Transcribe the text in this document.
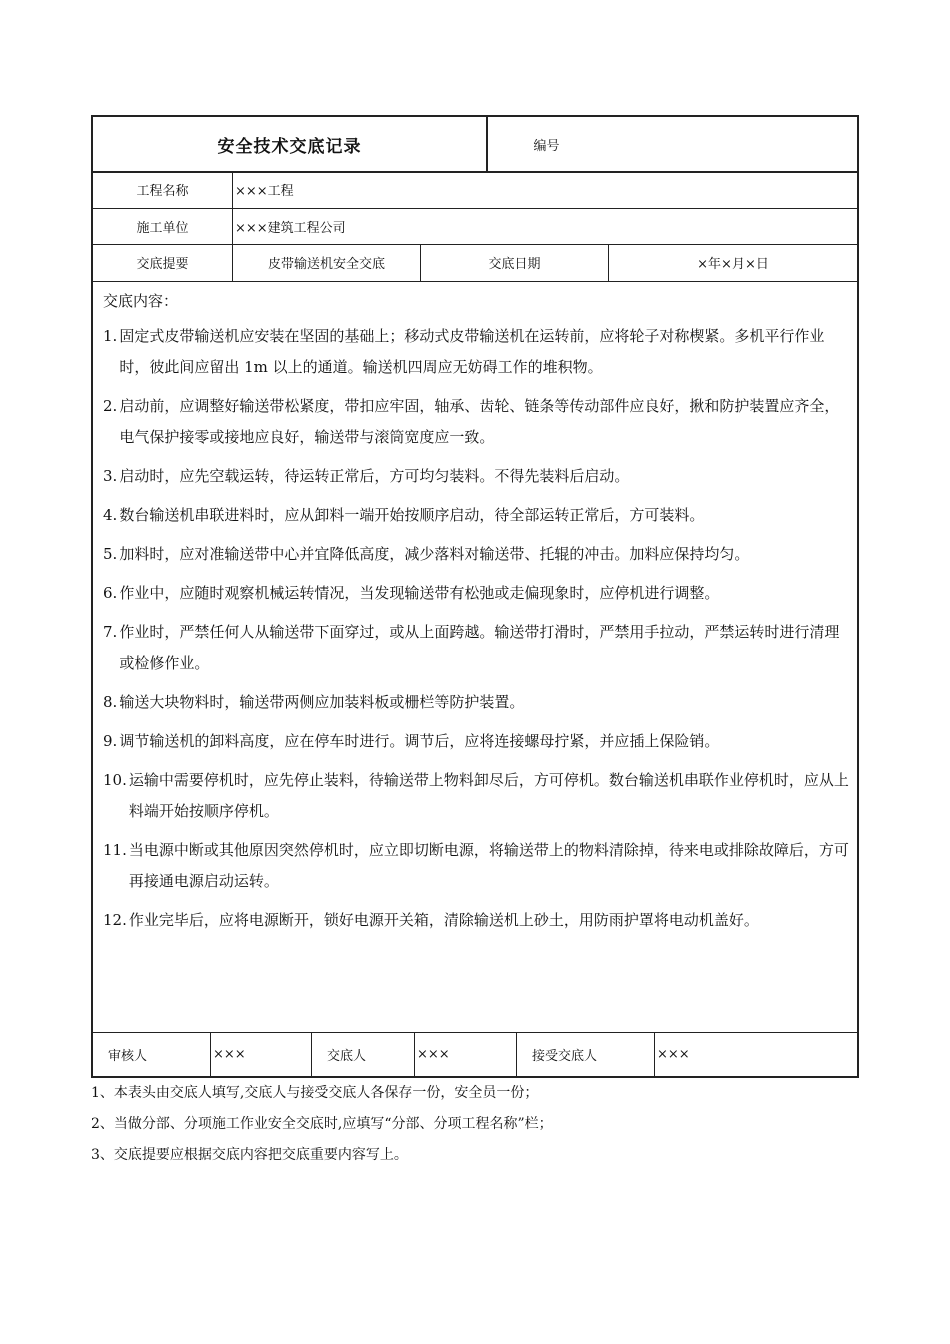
安全技术交底记录	编号
工程名称	×××工程
施工单位	×××建筑工程公司
交底提要	皮带输送机安全交底	交底日期	×年×月×日
交底内容：
1. 固定式皮带输送机应安装在坚固的基础上；移动式皮带输送机在运转前，应将轮子对称楔紧。多机平行作业时，彼此间应留出 1m 以上的通道。输送机四周应无妨碍工作的堆积物。
2. 启动前，应调整好输送带松紧度，带扣应牢固，轴承、齿轮、链条等传动部件应良好，揪和防护装置应齐全，电气保护接零或接地应良好，输送带与滚筒宽度应一致。
3. 启动时，应先空载运转，待运转正常后，方可均匀装料。不得先装料后启动。
4. 数台输送机串联进料时，应从卸料一端开始按顺序启动，待全部运转正常后，方可装料。
5. 加料时，应对准输送带中心并宜降低高度，减少落料对输送带、托辊的冲击。加料应保持均匀。
6. 作业中，应随时观察机械运转情况，当发现输送带有松弛或走偏现象时，应停机进行调整。
7. 作业时，严禁任何人从输送带下面穿过，或从上面跨越。输送带打滑时，严禁用手拉动，严禁运转时进行清理或检修作业。
8. 输送大块物料时，输送带两侧应加装料板或栅栏等防护装置。
9. 调节输送机的卸料高度，应在停车时进行。调节后，应将连接螺母拧紧，并应插上保险销。
10. 运输中需要停机时，应先停止装料，待输送带上物料卸尽后，方可停机。数台输送机串联作业停机时，应从上料端开始按顺序停机。
11. 当电源中断或其他原因突然停机时，应立即切断电源，将输送带上的物料清除掉，待来电或排除故障后，方可再接通电源启动运转。
12. 作业完毕后，应将电源断开，锁好电源开关箱，清除输送机上砂土，用防雨护罩将电动机盖好。
审核人	×××	交底人	×××	接受交底人	×××
1、本表头由交底人填写,交底人与接受交底人各保存一份，安全员一份；
2、当做分部、分项施工作业安全交底时,应填写“分部、分项工程名称”栏；
3、交底提要应根据交底内容把交底重要内容写上。
